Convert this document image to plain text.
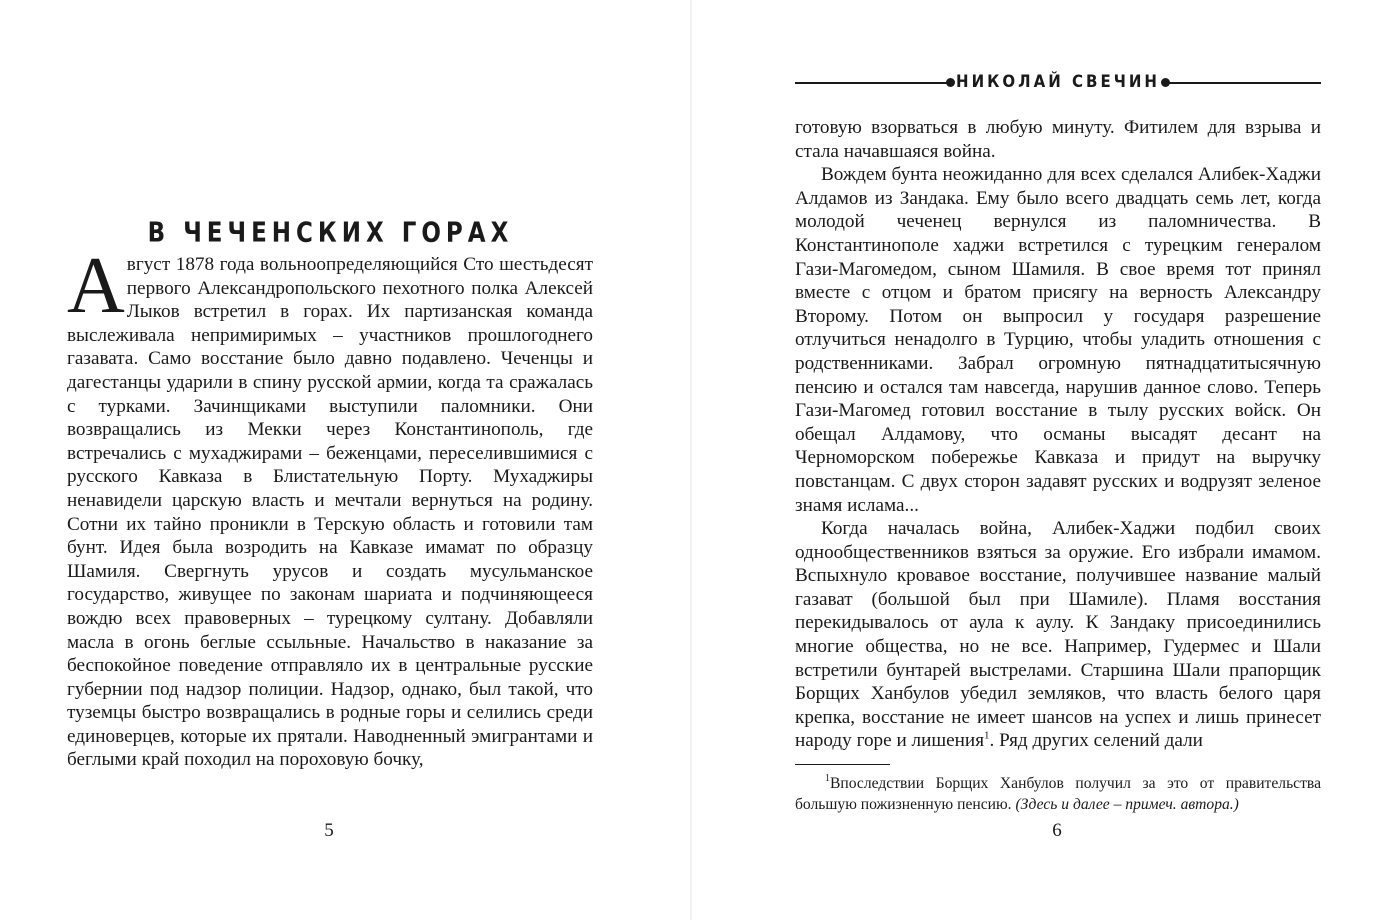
В ЧЕЧЕНСКИХ ГОРАХ

Август 1878 года вольноопределяющийся Сто шестьдесят первого Александропольского пехотного полка Алексей Лыков встретил в горах. Их партизанская команда выслеживала непримиримых – участников прошлогоднего газавата. Само восстание было давно подавлено. Чеченцы и дагестанцы ударили в спину русской армии, когда та сражалась с турками. Зачинщиками выступили паломники. Они возвращались из Мекки через Константинополь, где встречались с мухаджирами – беженцами, переселившимися с русского Кавказа в Блистательную Порту. Мухаджиры ненавидели царскую власть и мечтали вернуться на родину. Сотни их тайно проникли в Терскую область и готовили там бунт. Идея была возродить на Кавказе имамат по образцу Шамиля. Свергнуть урусов и создать мусульманское государство, живущее по законам шариата и подчиняющееся вождю всех правоверных – турецкому султану. Добавляли масла в огонь беглые ссыльные. Начальство в наказание за беспокойное поведение отправляло их в центральные русские губернии под надзор полиции. Надзор, однако, был такой, что туземцы быстро возвращались в родные горы и селились среди единоверцев, которые их прятали. Наводненный эмигрантами и беглыми край походил на пороховую бочку,

5
НИКОЛАЙ СВЕЧИН

готовую взорваться в любую минуту. Фитилем для взрыва и стала начавшаяся война.

Вождем бунта неожиданно для всех сделался Алибек-Хаджи Алдамов из Зандака. Ему было всего двадцать семь лет, когда молодой чеченец вернулся из паломничества. В Константинополе хаджи встретился с турецким генералом Гази-Магомедом, сыном Шамиля. В свое время тот принял вместе с отцом и братом присягу на верность Александру Второму. Потом он выпросил у государя разрешение отлучиться ненадолго в Турцию, чтобы уладить отношения с родственниками. Забрал огромную пятнадцатитысячную пенсию и остался там навсегда, нарушив данное слово. Теперь Гази-Магомед готовил восстание в тылу русских войск. Он обещал Алдамову, что османы высадят десант на Черноморском побережье Кавказа и придут на выручку повстанцам. С двух сторон задавят русских и водрузят зеленое знамя ислама...

Когда началась война, Алибек-Хаджи подбил своих однообщественников взяться за оружие. Его избрали имамом. Вспыхнуло кровавое восстание, получившее название малый газават (большой был при Шамиле). Пламя восстания перекидывалось от аула к аулу. К Зандаку присоединились многие общества, но не все. Например, Гудермес и Шали встретили бунтарей выстрелами. Старшина Шали прапорщик Борщих Ханбулов убедил земляков, что власть белого царя крепка, восстание не имеет шансов на успех и лишь принесет народу горе и лишения$^1$. Ряд других селений дали

$^1$Впоследствии Борщих Ханбулов получил за это от правительства большую пожизненную пенсию. (Здесь и далее – примеч. автора.)

6
